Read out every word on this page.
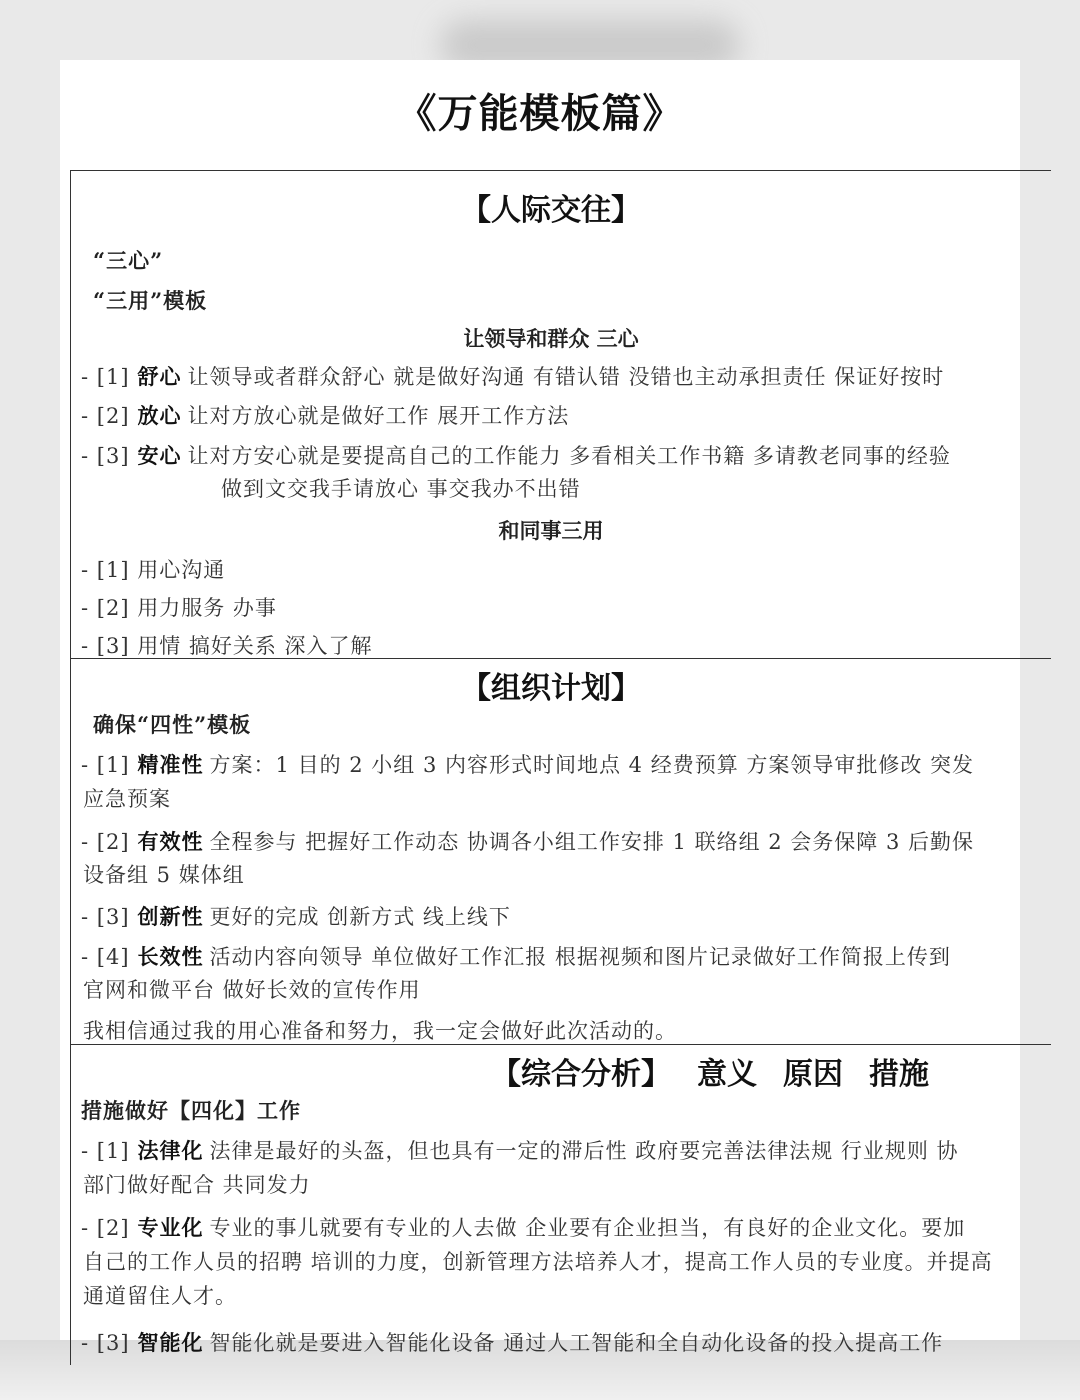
《万能模板篇》
【人际交往】
“三心”
“三用”模板
让领导和群众 三心
- [1] 舒心 让领导或者群众舒心 就是做好沟通 有错认错 没错也主动承担责任 保证好按时
- [2] 放心 让对方放心就是做好工作 展开工作方法
- [3] 安心 让对方安心就是要提高自己的工作能力 多看相关工作书籍 多请教老同事的经验
做到文交我手请放心 事交我办不出错
和同事三用
- [1] 用心沟通
- [2] 用力服务 办事
- [3] 用情 搞好关系 深入了解
【组织计划】
确保“四性”模板
- [1] 精准性 方案：1 目的 2 小组 3 内容形式时间地点 4 经费预算 方案领导审批修改 突发
应急预案
- [2] 有效性 全程参与 把握好工作动态 协调各小组工作安排 1 联络组 2 会务保障 3 后勤保
设备组 5 媒体组
- [3] 创新性 更好的完成 创新方式 线上线下
- [4] 长效性 活动内容向领导 单位做好工作汇报 根据视频和图片记录做好工作简报上传到
官网和微平台 做好长效的宣传作用
我相信通过我的用心准备和努力，我一定会做好此次活动的。
【综合分析】 意义 原因 措施
措施做好【四化】工作
- [1] 法律化 法律是最好的头盔，但也具有一定的滞后性 政府要完善法律法规 行业规则 协
部门做好配合 共同发力
- [2] 专业化 专业的事儿就要有专业的人去做 企业要有企业担当，有良好的企业文化。要加
自己的工作人员的招聘 培训的力度，创新管理方法培养人才，提高工作人员的专业度。并提高
通道留住人才。
- [3] 智能化 智能化就是要进入智能化设备 通过人工智能和全自动化设备的投入提高工作
